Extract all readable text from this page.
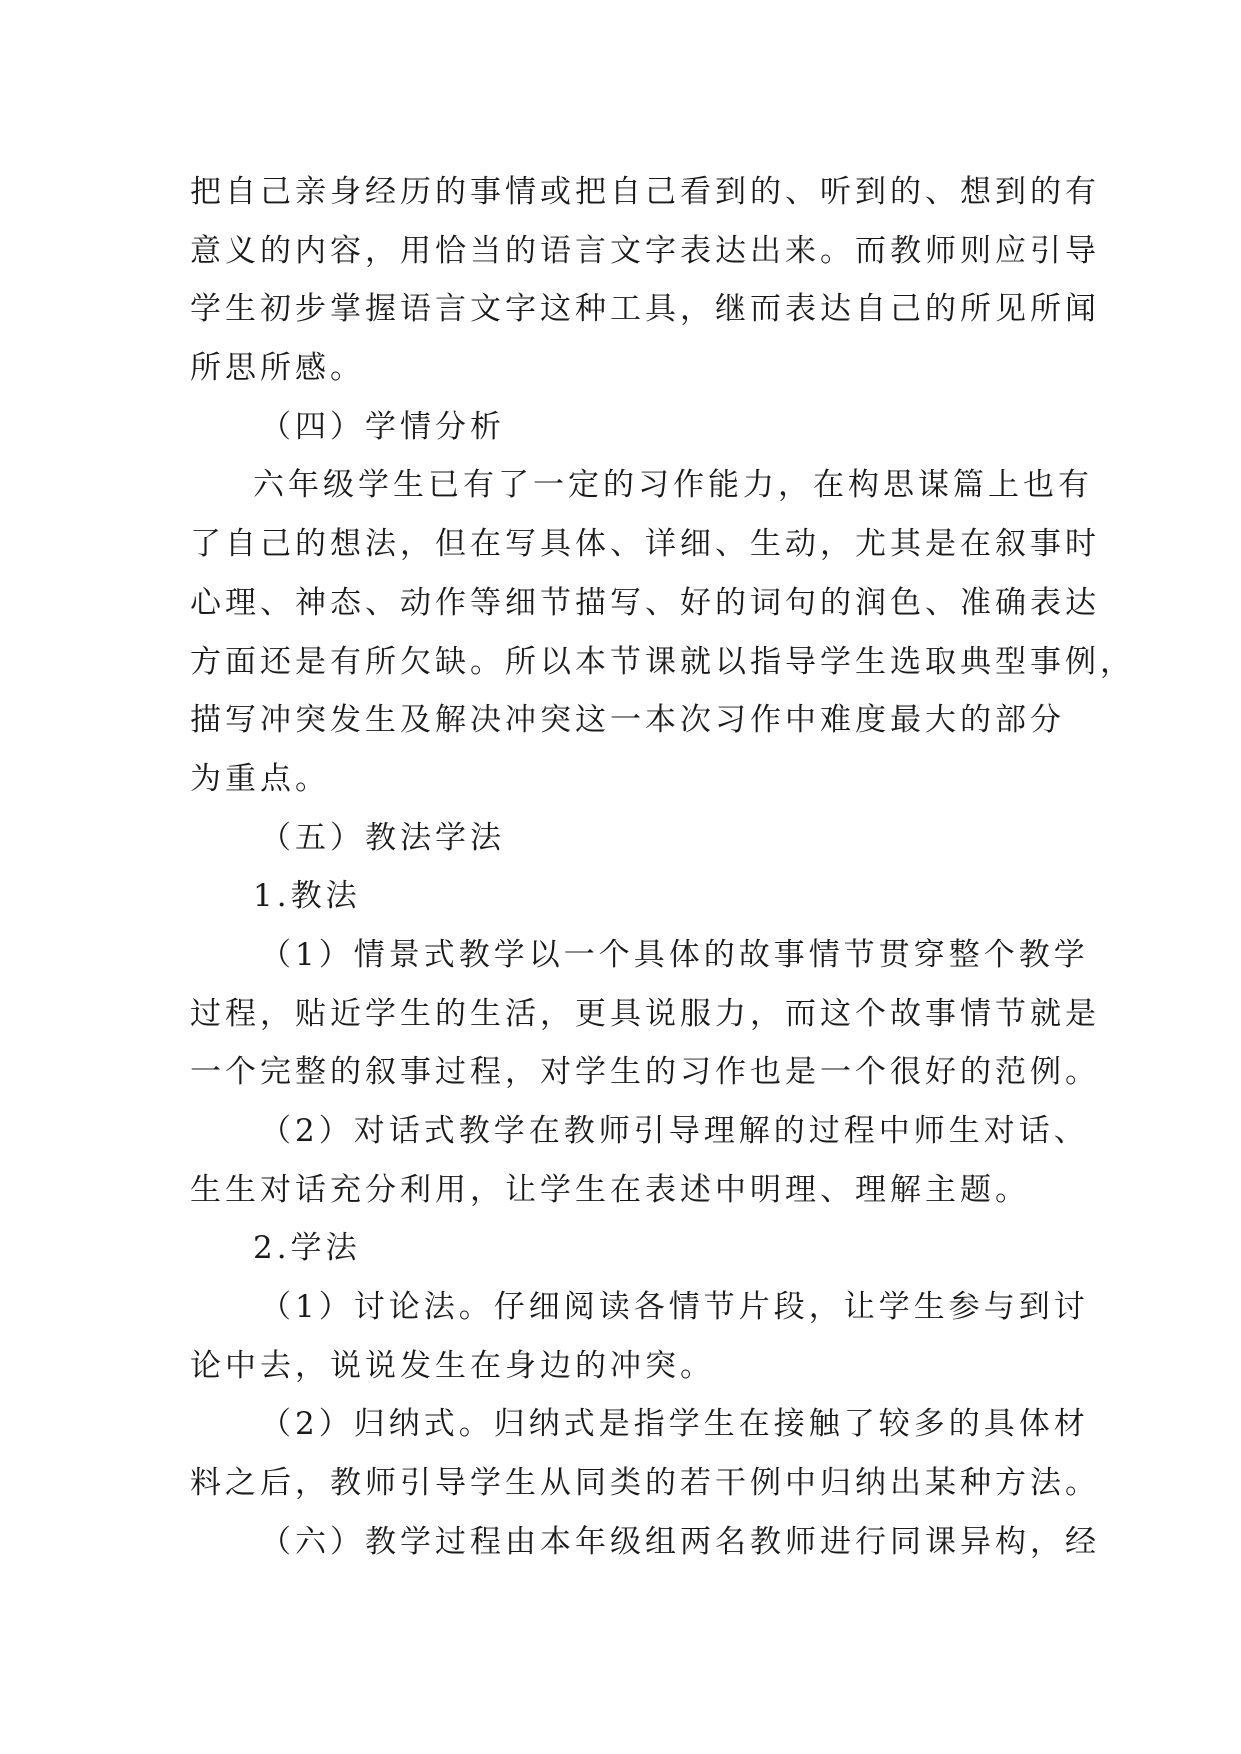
把自己亲身经历的事情或把自己看到的、听到的、想到的有
意义的内容，用恰当的语言文字表达出来。而教师则应引导
学生初步掌握语言文字这种工具，继而表达自己的所见所闻
所思所感。
（四）学情分析
六年级学生已有了一定的习作能力，在构思谋篇上也有
了自己的想法，但在写具体、详细、生动，尤其是在叙事时
心理、神态、动作等细节描写、好的词句的润色、准确表达
方面还是有所欠缺。所以本节课就以指导学生选取典型事例，
描写冲突发生及解决冲突这一本次习作中难度最大的部分
为重点。
（五）教法学法
1.教法
（1）情景式教学以一个具体的故事情节贯穿整个教学
过程，贴近学生的生活，更具说服力，而这个故事情节就是
一个完整的叙事过程，对学生的习作也是一个很好的范例。
（2）对话式教学在教师引导理解的过程中师生对话、
生生对话充分利用，让学生在表述中明理、理解主题。
2.学法
（1）讨论法。仔细阅读各情节片段，让学生参与到讨
论中去，说说发生在身边的冲突。
（2）归纳式。归纳式是指学生在接触了较多的具体材
料之后，教师引导学生从同类的若干例中归纳出某种方法。
（六）教学过程由本年级组两名教师进行同课异构，经
